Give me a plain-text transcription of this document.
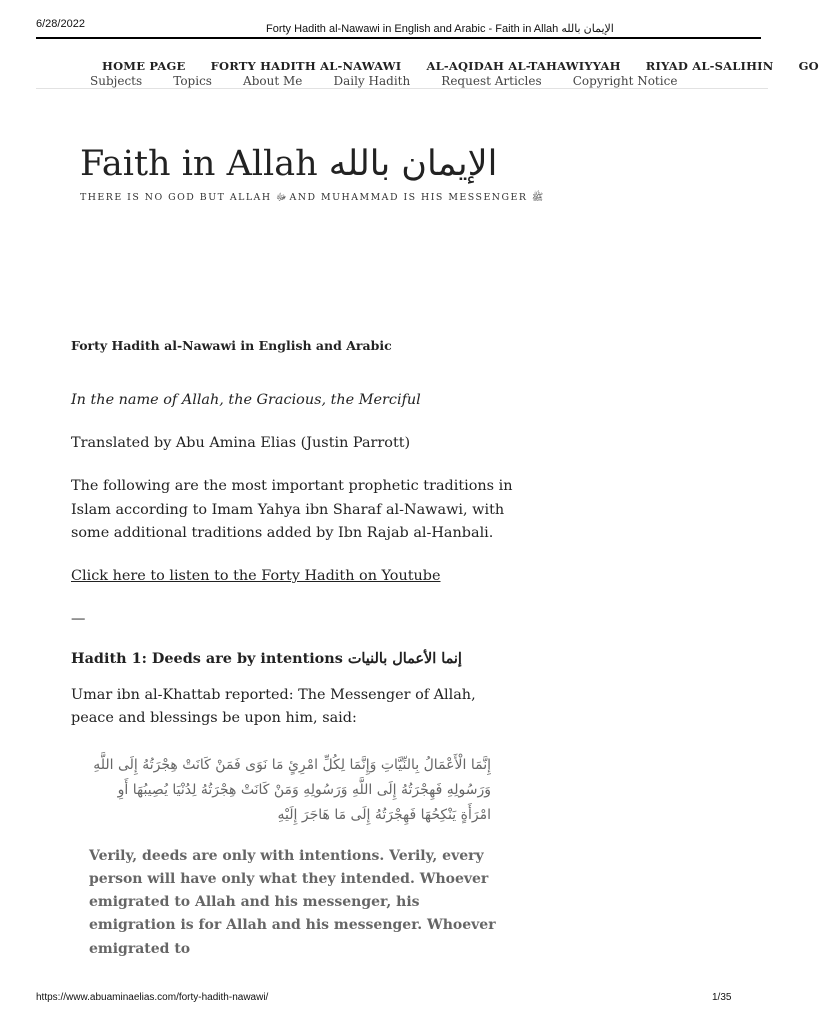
6/28/2022	Forty Hadith al-Nawawi in English and Arabic - Faith in Allah الإيمان بالله
HOME PAGE FORTY HADITH AL-NAWAWI AL-AQIDAH AL-TAHAWIYYAH RIYAD AL-SALIHIN GO
Subjects	Topics	About Me	Daily Hadith	Request Articles	Copyright Notice
Faith in Allah الإيمان بالله
THERE IS NO GOD BUT ALLAH ﷻ AND MUHAMMAD IS HIS MESSENGER ﷺ
Forty Hadith al-Nawawi in English and Arabic

In the name of Allah, the Gracious, the Merciful

Translated by Abu Amina Elias (Justin Parrott)

The following are the most important prophetic traditions in Islam according to Imam Yahya ibn Sharaf al-Nawawi, with some additional traditions added by Ibn Rajab al-Hanbali.

Click here to listen to the Forty Hadith on Youtube

—

Hadith 1: Deeds are by intentions إنما الأعمال بالنيات

Umar ibn al-Khattab reported: The Messenger of Allah, peace and blessings be upon him, said:

إِنَّمَا الْأَعْمَالُ بِالنِّيَّاتِ وَإِنَّمَا لِكُلِّ امْرِئٍ مَا نَوَى فَمَنْ كَانَتْ هِجْرَتُهُ إِلَى اللَّهِ وَرَسُولِهِ فَهِجْرَتُهُ إِلَى اللَّهِ وَرَسُولِهِ وَمَنْ كَانَتْ هِجْرَتُهُ لِدُنْيَا يُصِيبُهَا أَوِ امْرَأَةٍ يَنْكِحُهَا فَهِجْرَتُهُ إِلَى مَا هَاجَرَ إِلَيْهِ
Verily, deeds are only with intentions. Verily, every person will have only what they intended. Whoever emigrated to Allah and his messenger, his emigration is for Allah and his messenger. Whoever emigrated to
https://www.abuaminaelias.com/forty-hadith-nawawi/	1/35
